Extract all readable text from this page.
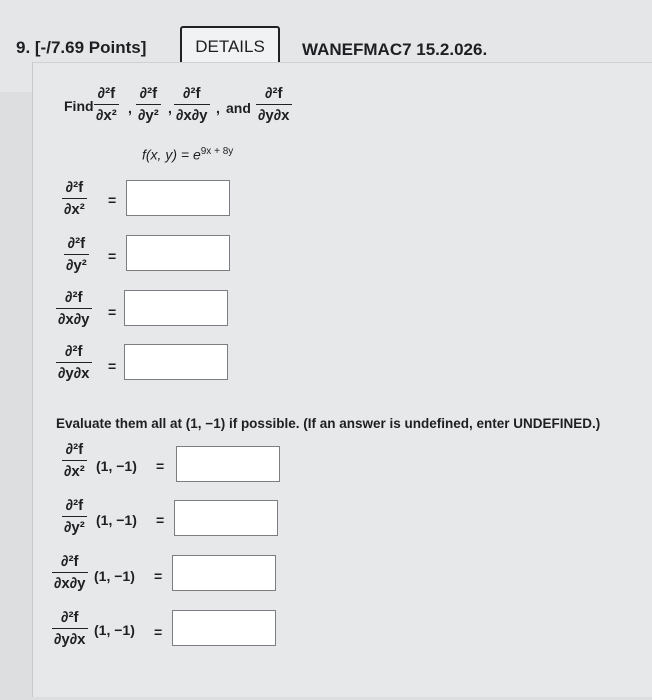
9. [-/7.69 Points]	DETAILS	WANEFMAC7 15.2.026.
Find $\frac{\text{∂²f}}{\text{∂x²}}$ , $\frac{\text{∂²f}}{\text{∂y²}}$ , $\frac{\text{∂²f}}{\partial x\partial y}$ , and $\frac{\text{∂²f}}{\partial y\partial x}$
f(x, $y) = e^{9x + 8y}$
$\frac{\text{∂²f}}{\text{∂x²}}$ =
$\frac{\text{∂²f}}{\text{∂y²}}$ =
$\frac{\text{∂²f}}{\partial x\partial y}$ =
$\frac{\text{∂²f}}{\partial y\partial x}$ =
Evaluate them all at (1, −1) if possible. (If an answer is undefined, enter UNDEFINED.)
$\frac{\text{∂²f}}{\text{∂x²}} (1$, −1) =
$\frac{\text{∂²f}}{\text{∂y²}} (1$, −1) =
$\frac{\text{∂²f}}{\partial x\partial y} (1$, −1) =
$\frac{\text{∂²f}}{\partial y\partial x} (1$, −1) =
